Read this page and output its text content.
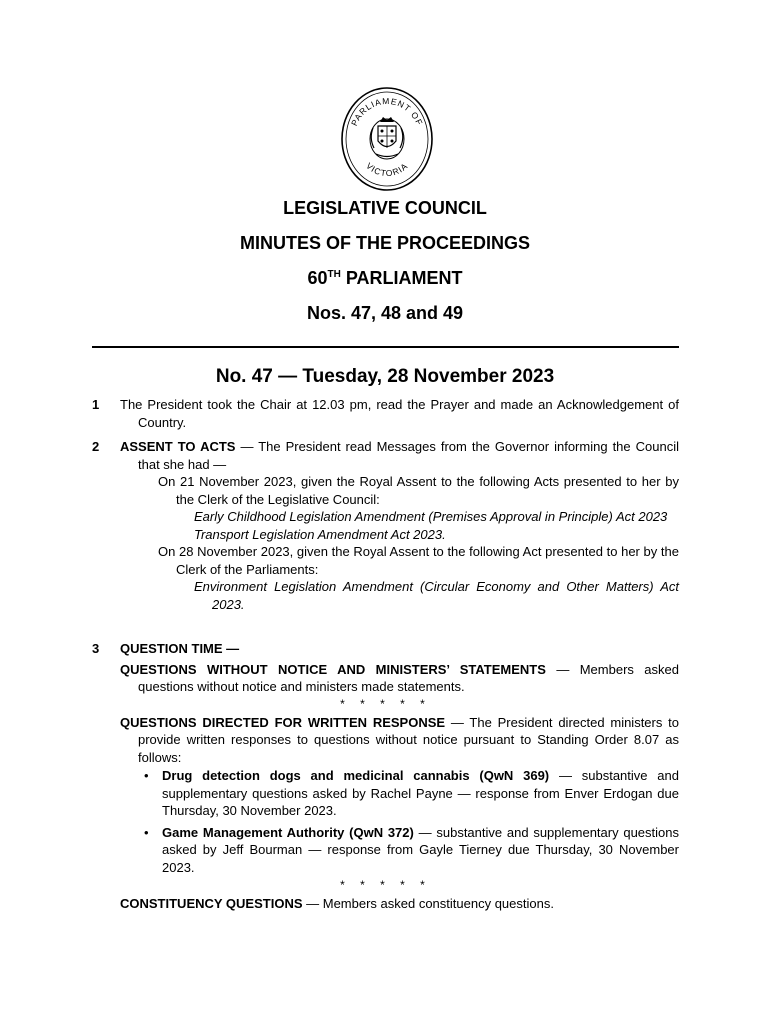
PARLIAMENT OF
VICTORIA
LEGISLATIVE COUNCIL
MINUTES OF THE PROCEEDINGS
60TH PARLIAMENT
Nos. 47, 48 and 49
No. 47 — Tuesday, 28 November 2023
1 The President took the Chair at 12.03 pm, read the Prayer and made an Acknowledgement of Country.
2 ASSENT TO ACTS — The President read Messages from the Governor informing the Council that she had —
On 21 November 2023, given the Royal Assent to the following Acts presented to her by the Clerk of the Legislative Council:
Early Childhood Legislation Amendment (Premises Approval in Principle) Act 2023
Transport Legislation Amendment Act 2023.
On 28 November 2023, given the Royal Assent to the following Act presented to her by the Clerk of the Parliaments:
Environment Legislation Amendment (Circular Economy and Other Matters) Act 2023.
3 QUESTION TIME —
QUESTIONS WITHOUT NOTICE AND MINISTERS’ STATEMENTS — Members asked questions without notice and ministers made statements.
* * * * *
QUESTIONS DIRECTED FOR WRITTEN RESPONSE — The President directed ministers to provide written responses to questions without notice pursuant to Standing Order 8.07 as follows:
• Drug detection dogs and medicinal cannabis (QwN 369) — substantive and supplementary questions asked by Rachel Payne — response from Enver Erdogan due Thursday, 30 November 2023.
• Game Management Authority (QwN 372) — substantive and supplementary questions asked by Jeff Bourman — response from Gayle Tierney due Thursday, 30 November 2023.
* * * * *
CONSTITUENCY QUESTIONS — Members asked constituency questions.
